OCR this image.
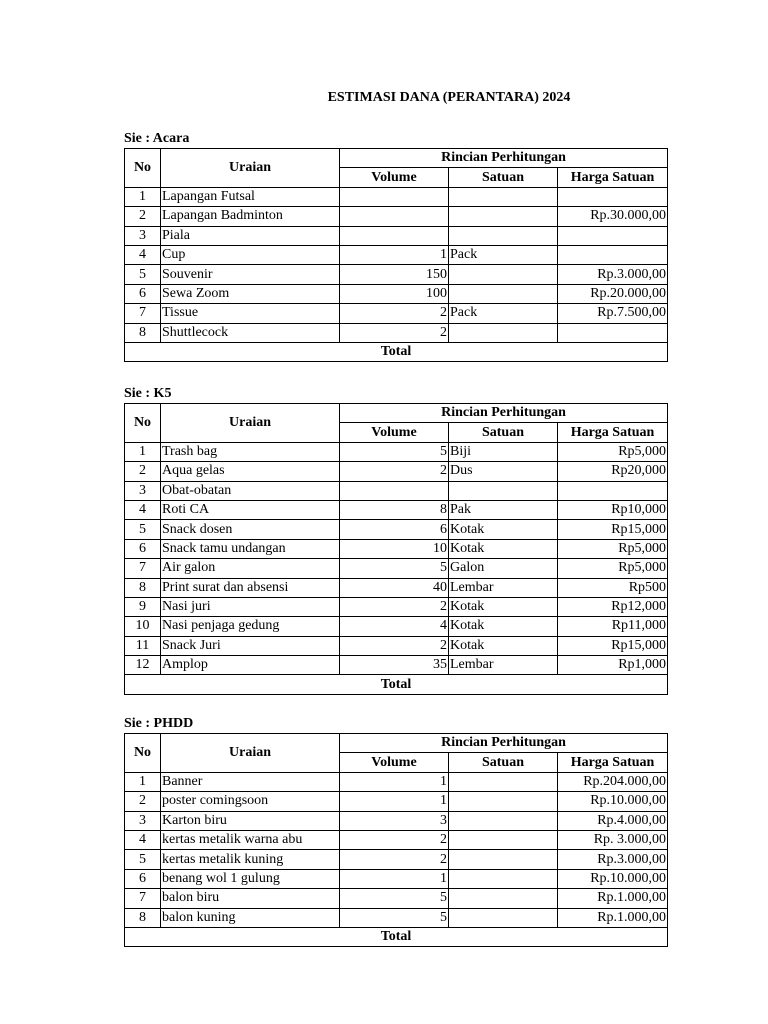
ESTIMASI DANA (PERANTARA) 2024
Sie : Acara
No	Uraian	Rincian Perhitungan		
		Volume	Satuan	Harga Satuan
1	Lapangan Futsal			
2	Lapangan Badminton			Rp.30.000,00
3	Piala			
4	Cup	1	Pack	
5	Souvenir	150		Rp.3.000,00
6	Sewa Zoom	100		Rp.20.000,00
7	Tissue	2	Pack	Rp.7.500,00
8	Shuttlecock	2		
Total				
Sie : K5
No	Uraian	Rincian Perhitungan		
		Volume	Satuan	Harga Satuan
1	Trash bag	5	Biji	Rp5,000
2	Aqua gelas	2	Dus	Rp20,000
3	Obat-obatan			
4	Roti CA	8	Pak	Rp10,000
5	Snack dosen	6	Kotak	Rp15,000
6	Snack tamu undangan	10	Kotak	Rp5,000
7	Air galon	5	Galon	Rp5,000
8	Print surat dan absensi	40	Lembar	Rp500
9	Nasi juri	2	Kotak	Rp12,000
10	Nasi penjaga gedung	4	Kotak	Rp11,000
11	Snack Juri	2	Kotak	Rp15,000
12	Amplop	35	Lembar	Rp1,000
Total				
Sie : PHDD
No	Uraian	Rincian Perhitungan		
		Volume	Satuan	Harga Satuan
1	Banner	1		Rp.204.000,00
2	poster comingsoon	1		Rp.10.000,00
3	Karton biru	3		Rp.4.000,00
4	kertas metalik warna abu	2		Rp. 3.000,00
5	kertas metalik kuning	2		Rp.3.000,00
6	benang wol 1 gulung	1		Rp.10.000,00
7	balon biru	5		Rp.1.000,00
8	balon kuning	5		Rp.1.000,00
Total				
